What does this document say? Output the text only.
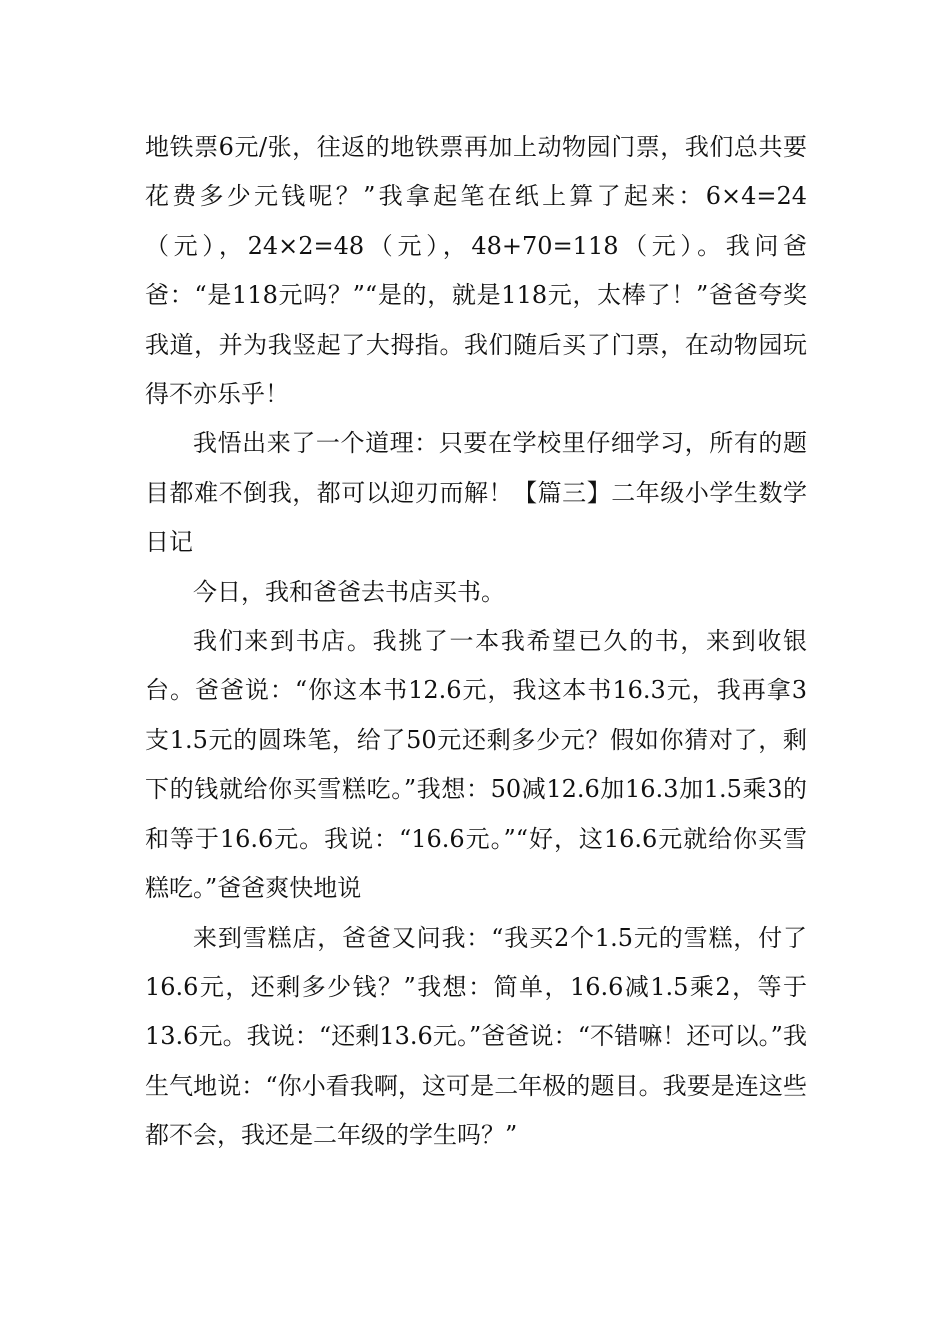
地铁票6元/张，往返的地铁票再加上动物园门票，我们总共要花费多少元钱呢？”我拿起笔在纸上算了起来：6×4=24（元），24×2=48（元），48+70=118（元）。我问爸爸：“是118元吗？”“是的，就是118元，太棒了！”爸爸夸奖我道，并为我竖起了大拇指。我们随后买了门票，在动物园玩得不亦乐乎！

我悟出来了一个道理：只要在学校里仔细学习，所有的题目都难不倒我，都可以迎刃而解！【篇三】二年级小学生数学日记

今日，我和爸爸去书店买书。

我们来到书店。我挑了一本我希望已久的书，来到收银台。爸爸说：“你这本书12.6元，我这本书16.3元，我再拿3支1.5元的圆珠笔，给了50元还剩多少元？假如你猜对了，剩下的钱就给你买雪糕吃。”我想：50减12.6加16.3加1.5乘3的和等于16.6元。我说：“16.6元。”“好，这16.6元就给你买雪糕吃。”爸爸爽快地说

来到雪糕店，爸爸又问我：“我买2个1.5元的雪糕，付了16.6元，还剩多少钱？”我想：简单，16.6减1.5乘2，等于13.6元。我说：“还剩13.6元。”爸爸说：“不错嘛！还可以。”我生气地说：“你小看我啊，这可是二年极的题目。我要是连这些都不会，我还是二年级的学生吗？”
